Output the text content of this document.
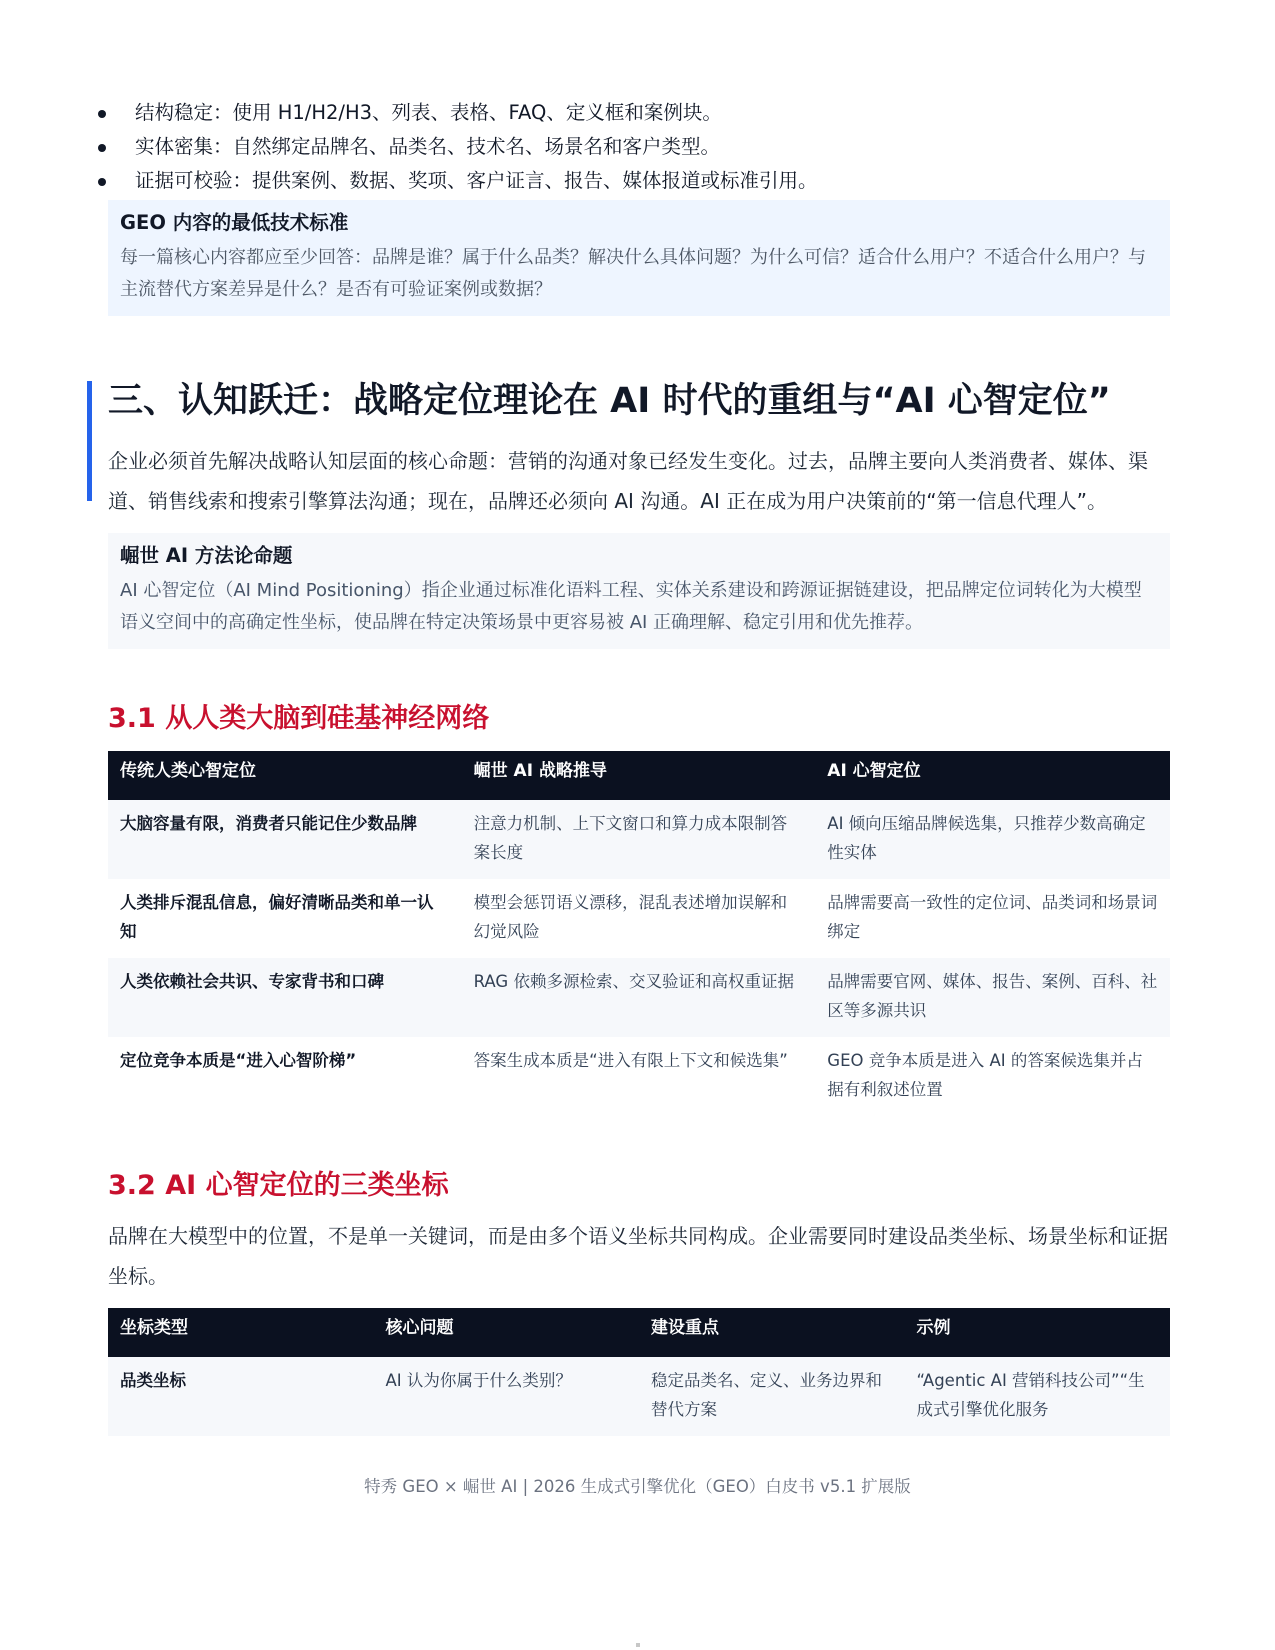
结构稳定：使用 H1/H2/H3、列表、表格、FAQ、定义框和案例块。
实体密集：自然绑定品牌名、品类名、技术名、场景名和客户类型。
证据可校验：提供案例、数据、奖项、客户证言、报告、媒体报道或标准引用。
GEO 内容的最低技术标准
每一篇核心内容都应至少回答：品牌是谁？属于什么品类？解决什么具体问题？为什么可信？适合什么用户？不适合什么用户？与主流替代方案差异是什么？是否有可验证案例或数据？
三、认知跃迁：战略定位理论在 AI 时代的重组与“AI 心智定位”
企业必须首先解决战略认知层面的核心命题：营销的沟通对象已经发生变化。过去，品牌主要向人类消费者、媒体、渠道、销售线索和搜索引擎算法沟通；现在，品牌还必须向 AI 沟通。AI 正在成为用户决策前的“第一信息代理人”。
崛世 AI 方法论命题
AI 心智定位（AI Mind Positioning）指企业通过标准化语料工程、实体关系建设和跨源证据链建设，把品牌定位词转化为大模型语义空间中的高确定性坐标，使品牌在特定决策场景中更容易被 AI 正确理解、稳定引用和优先推荐。
3.1 从人类大脑到硅基神经网络
传统人类心智定位	崛世 AI 战略推导	AI 心智定位
大脑容量有限，消费者只能记住少数品牌	注意力机制、上下文窗口和算力成本限制答案长度	AI 倾向压缩品牌候选集，只推荐少数高确定性实体
人类排斥混乱信息，偏好清晰品类和单一认知	模型会惩罚语义漂移，混乱表述增加误解和幻觉风险	品牌需要高一致性的定位词、品类词和场景词绑定
人类依赖社会共识、专家背书和口碑	RAG 依赖多源检索、交叉验证和高权重证据	品牌需要官网、媒体、报告、案例、百科、社区等多源共识
定位竞争本质是“进入心智阶梯”	答案生成本质是“进入有限上下文和候选集”	GEO 竞争本质是进入 AI 的答案候选集并占据有利叙述位置
3.2 AI 心智定位的三类坐标
品牌在大模型中的位置，不是单一关键词，而是由多个语义坐标共同构成。企业需要同时建设品类坐标、场景坐标和证据坐标。
坐标类型	核心问题	建设重点	示例
品类坐标	AI 认为你属于什么类别？	稳定品类名、定义、业务边界和替代方案	“Agentic AI 营销科技公司”“生成式引擎优化服务
特秀 GEO × 崛世 AI | 2026 生成式引擎优化（GEO）白皮书 v5.1 扩展版
